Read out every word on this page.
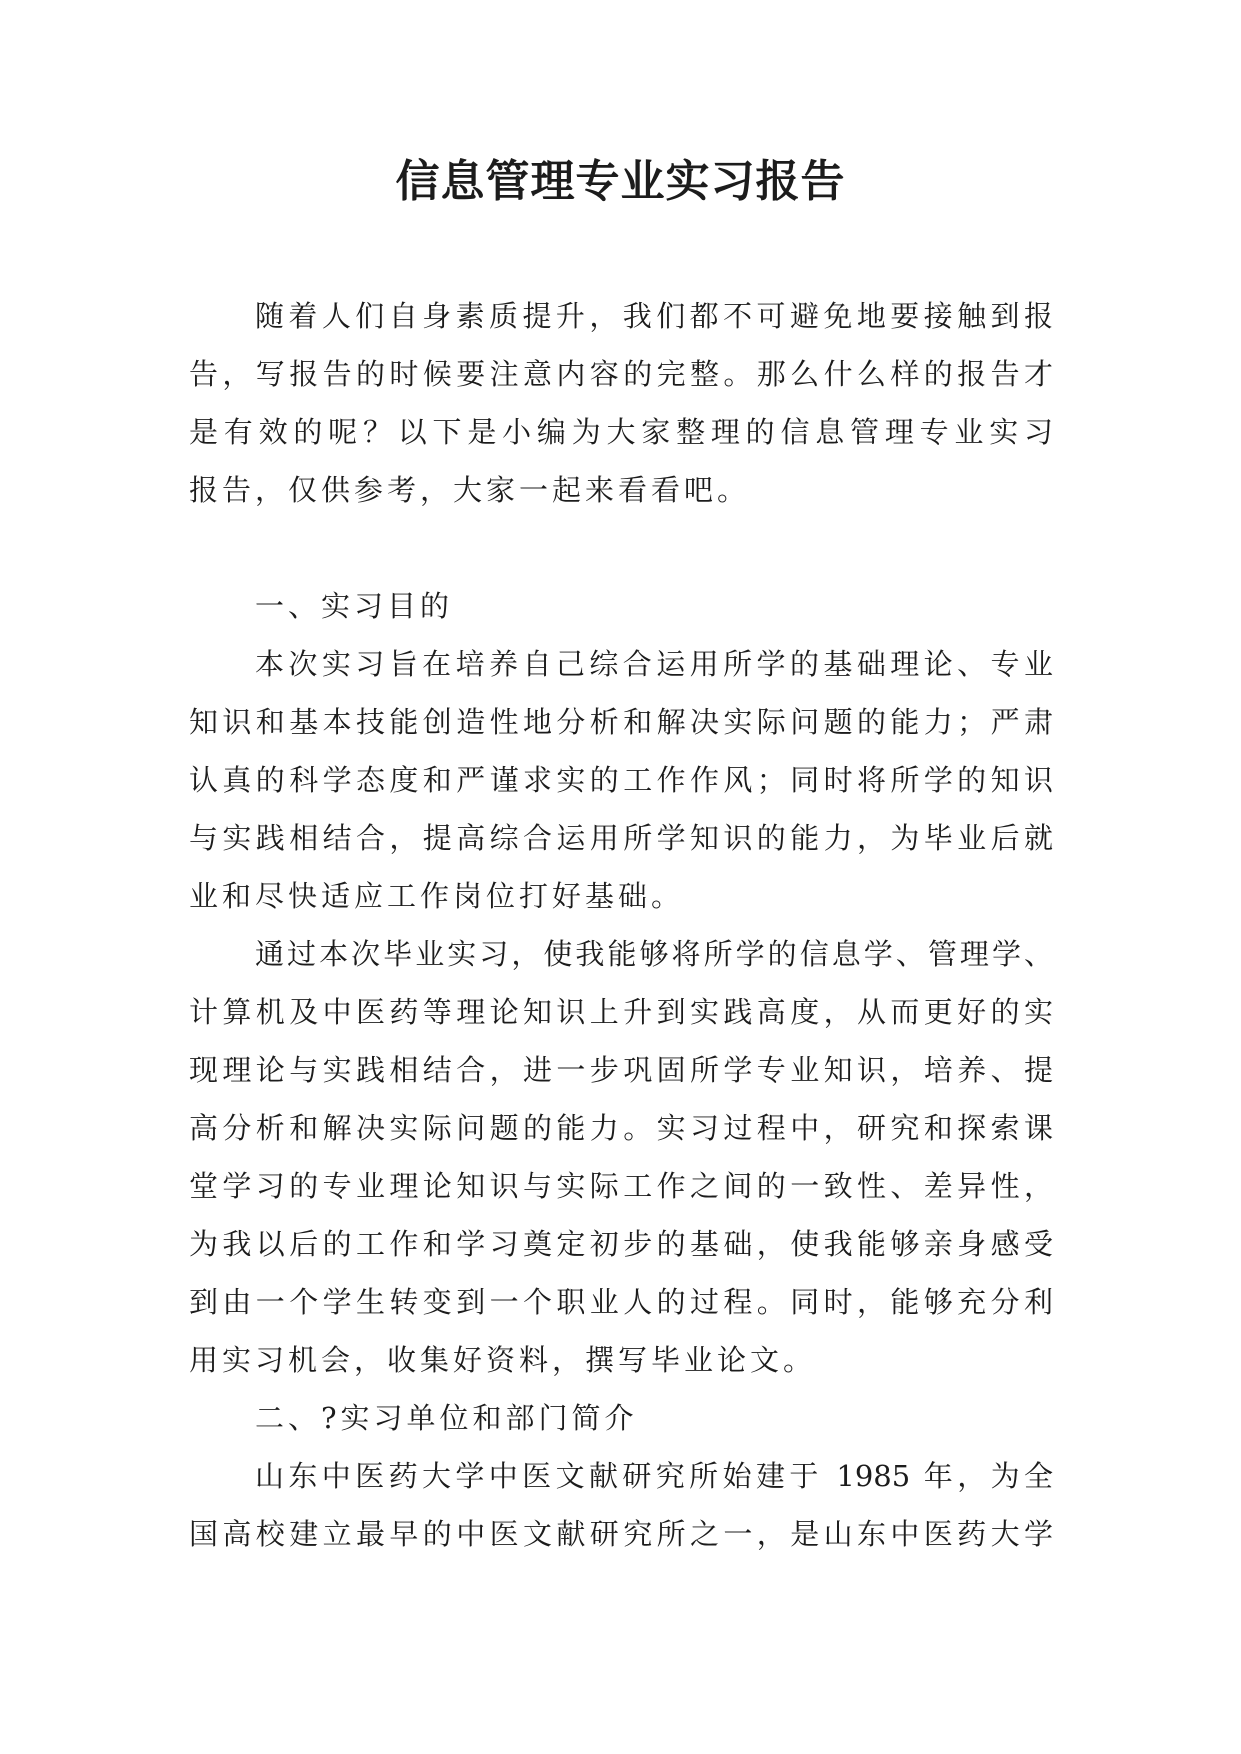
信息管理专业实习报告
随着人们自身素质提升，我们都不可避免地要接触到报
告，写报告的时候要注意内容的完整。那么什么样的报告才
是有效的呢？以下是小编为大家整理的信息管理专业实习
报告，仅供参考，大家一起来看看吧。
一、实习目的
本次实习旨在培养自己综合运用所学的基础理论、专业
知识和基本技能创造性地分析和解决实际问题的能力；严肃
认真的科学态度和严谨求实的工作作风；同时将所学的知识
与实践相结合，提高综合运用所学知识的能力，为毕业后就
业和尽快适应工作岗位打好基础。
通过本次毕业实习，使我能够将所学的信息学、管理学、
计算机及中医药等理论知识上升到实践高度，从而更好的实
现理论与实践相结合，进一步巩固所学专业知识，培养、提
高分析和解决实际问题的能力。实习过程中，研究和探索课
堂学习的专业理论知识与实际工作之间的一致性、差异性，
为我以后的工作和学习奠定初步的基础，使我能够亲身感受
到由一个学生转变到一个职业人的过程。同时，能够充分利
用实习机会，收集好资料，撰写毕业论文。
二、?实习单位和部门简介
山东中医药大学中医文献研究所始建于 1985 年，为全
国高校建立最早的中医文献研究所之一，是山东中医药大学
